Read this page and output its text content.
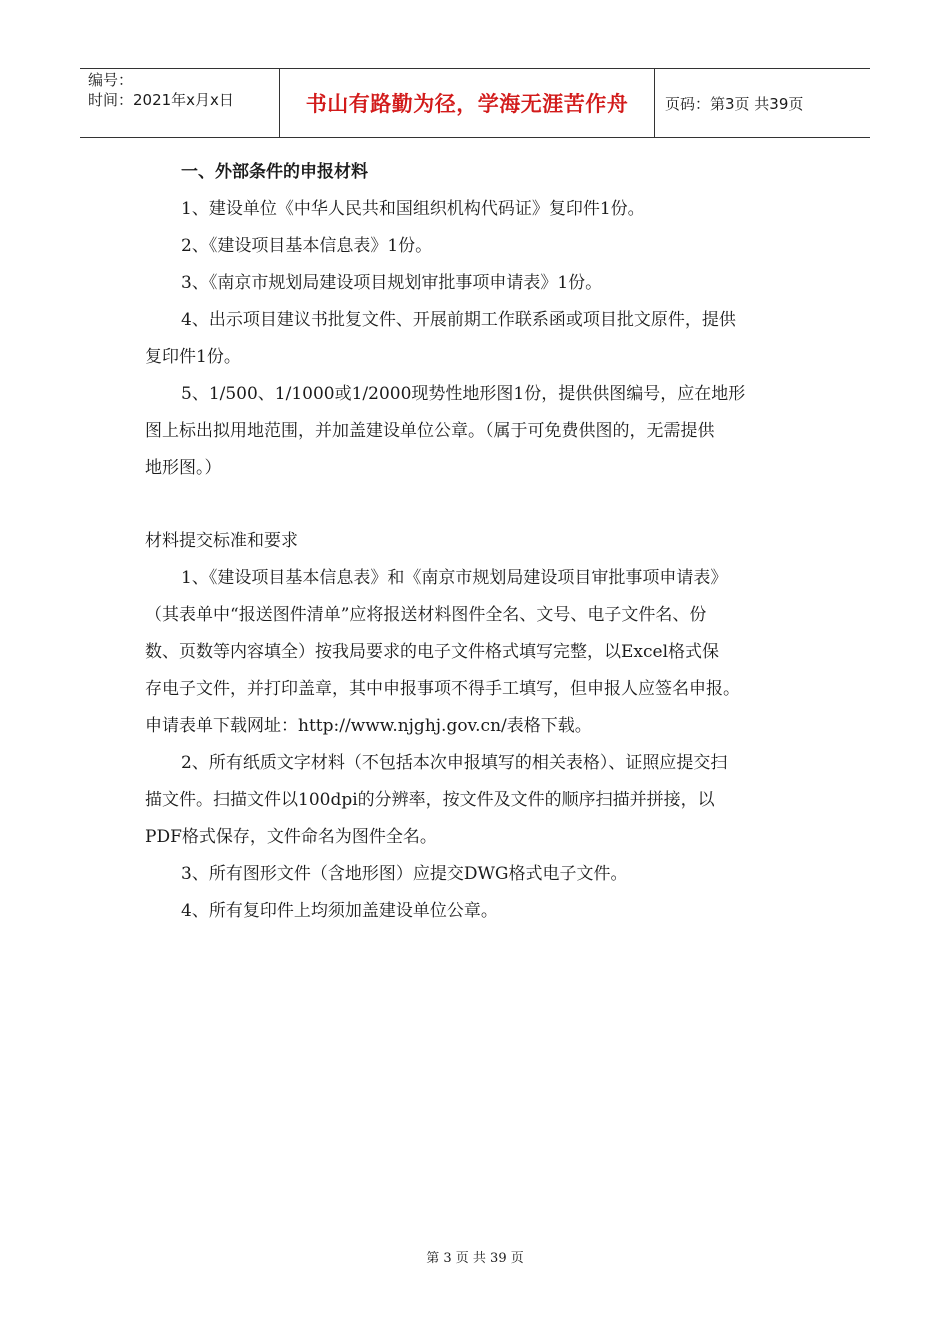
编号：
时间：2021年x月x日	书山有路勤为径，学海无涯苦作舟	页码：第3页 共39页

一、外部条件的申报材料

1、建设单位《中华人民共和国组织机构代码证》复印件1份。

2、《建设项目基本信息表》1份。

3、《南京市规划局建设项目规划审批事项申请表》1份。

4、出示项目建议书批复文件、开展前期工作联系函或项目批文原件，提供

复印件1份。

5、1/500、1/1000或1/2000现势性地形图1份，提供供图编号，应在地形

图上标出拟用地范围，并加盖建设单位公章。（属于可免费供图的，无需提供

地形图。）

材料提交标准和要求

1、《建设项目基本信息表》和《南京市规划局建设项目审批事项申请表》

（其表单中“报送图件清单”应将报送材料图件全名、文号、电子文件名、份

数、页数等内容填全）按我局要求的电子文件格式填写完整，以Excel格式保

存电子文件，并打印盖章，其中申报事项不得手工填写，但申报人应签名申报。

申请表单下载网址：http://www.njghj.gov.cn/表格下载。

2、所有纸质文字材料（不包括本次申报填写的相关表格）、证照应提交扫

描文件。扫描文件以100dpi的分辨率，按文件及文件的顺序扫描并拼接，以

PDF格式保存，文件命名为图件全名。

3、所有图形文件（含地形图）应提交DWG格式电子文件。

4、所有复印件上均须加盖建设单位公章。

第 3 页 共 39 页
